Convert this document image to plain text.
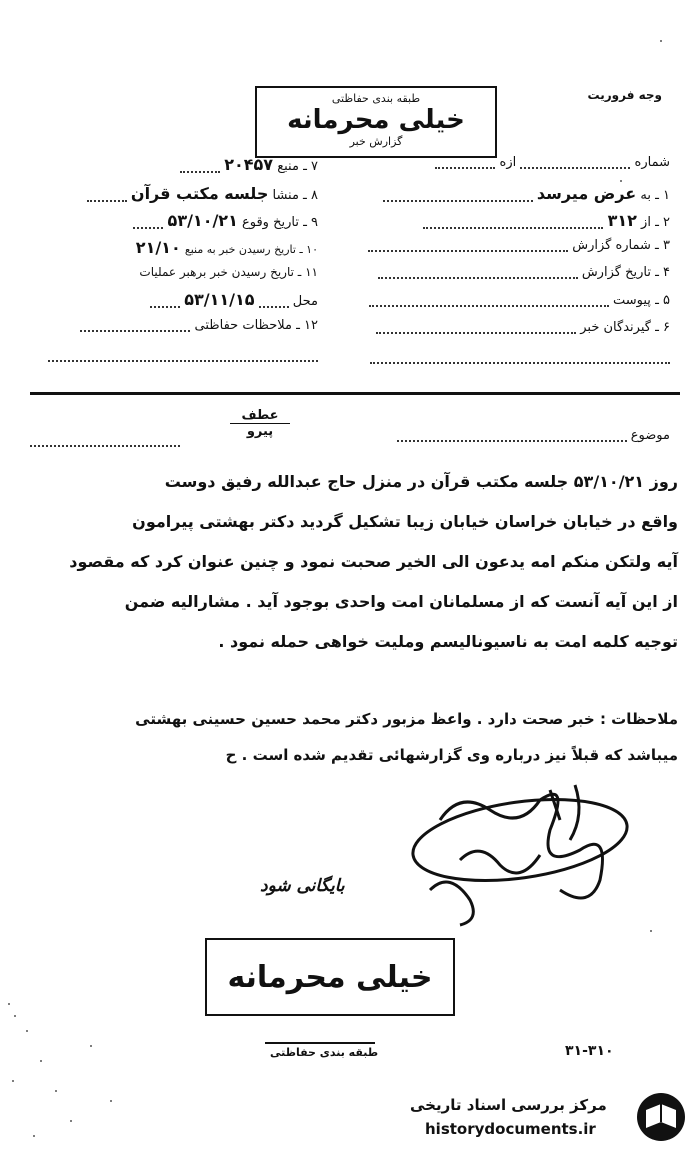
وجه فروریت
طبقه بندی حفاظتی
خیلی محرمانه
گزارش خبر
شماره  ازه
۱ ـ به عرض میرسد
۲ ـ از ۳۱۲
۳ ـ شماره گزارش
۴ ـ تاریخ گزارش
۵ ـ پیوست
۶ ـ گیرندگان خبر
۷ ـ منبع ۲۰۴۵۷
۸ ـ منشا جلسه مکتب قرآن
۹ ـ تاریخ وقوع ۵۳/۱۰/۲۱
۱۰ ـ تاریخ رسیدن خبر به منبع ۲۱/۱۰
۱۱ ـ تاریخ رسیدن خبر برهبر عملیات
محل  ۵۳/۱۱/۱۵
۱۲ ـ ملاحظات حفاظتی
موضوع
عطف
پیرو
روز ۵۳/۱۰/۲۱ جلسه مکتب قرآن در منزل حاج عبدالله رفیق دوست
واقع در خیابان خراسان خیابان زیبا تشکیل گردید دکتر بهشتی پیرامون
آیه ولتکن منکم امه یدعون الی الخیر صحبت نمود و چنین عنوان کرد که مقصود
از این آیه آنست که از مسلمانان امت واحدی بوجود آید . مشارالیه ضمن
توجیه کلمه امت به ناسیونالیسم وملیت خواهی حمله نمود .
ملاحظات : خبر صحت دارد . واعظ مزبور دکتر محمد حسین حسینی بهشتی
میباشد که قبلاً نیز درباره وی گزارشهائی تقدیم شده است . ح
بایگانی شود
خیلی محرمانه
طبقه بندی حفاظتی	۳۱-۳۱۰
مرکز بررسی اسناد تاریخی
historydocuments.ir
